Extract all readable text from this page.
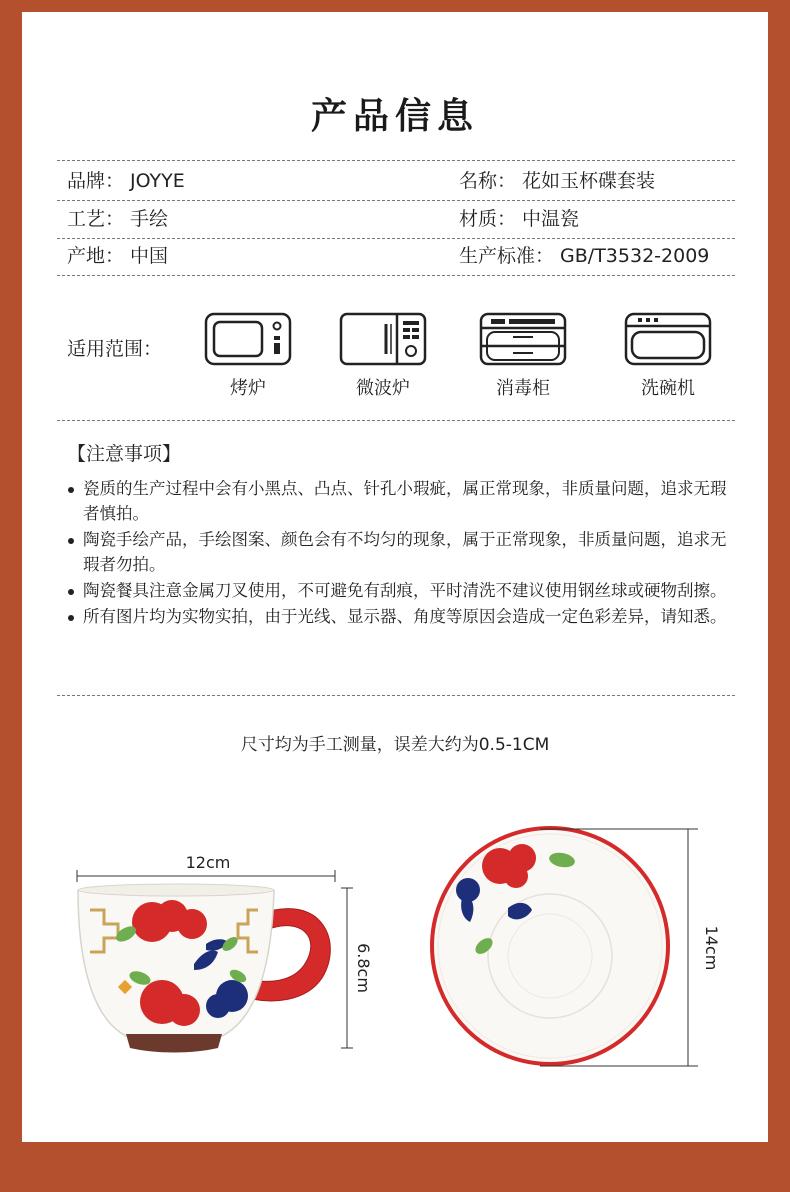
产品信息
品牌： JOYYE	名称： 花如玉杯碟套装
工艺： 手绘	材质： 中温瓷
产地： 中国	生产标准： GB/T3532-2009
适用范围：
烤炉	微波炉	消毒柜	洗碗机
【注意事项】
瓷质的生产过程中会有小黑点、凸点、针孔小瑕疵，属正常现象，非质量问题，追求无瑕者慎拍。
陶瓷手绘产品，手绘图案、颜色会有不均匀的现象，属于正常现象，非质量问题，追求无瑕者勿拍。
陶瓷餐具注意金属刀叉使用，不可避免有刮痕，平时清洗不建议使用钢丝球或硬物刮擦。
所有图片均为实物实拍，由于光线、显示器、角度等原因会造成一定色彩差异，请知悉。
尺寸均为手工测量，误差大约为0.5-1CM
12cm
6.8cm	14cm
